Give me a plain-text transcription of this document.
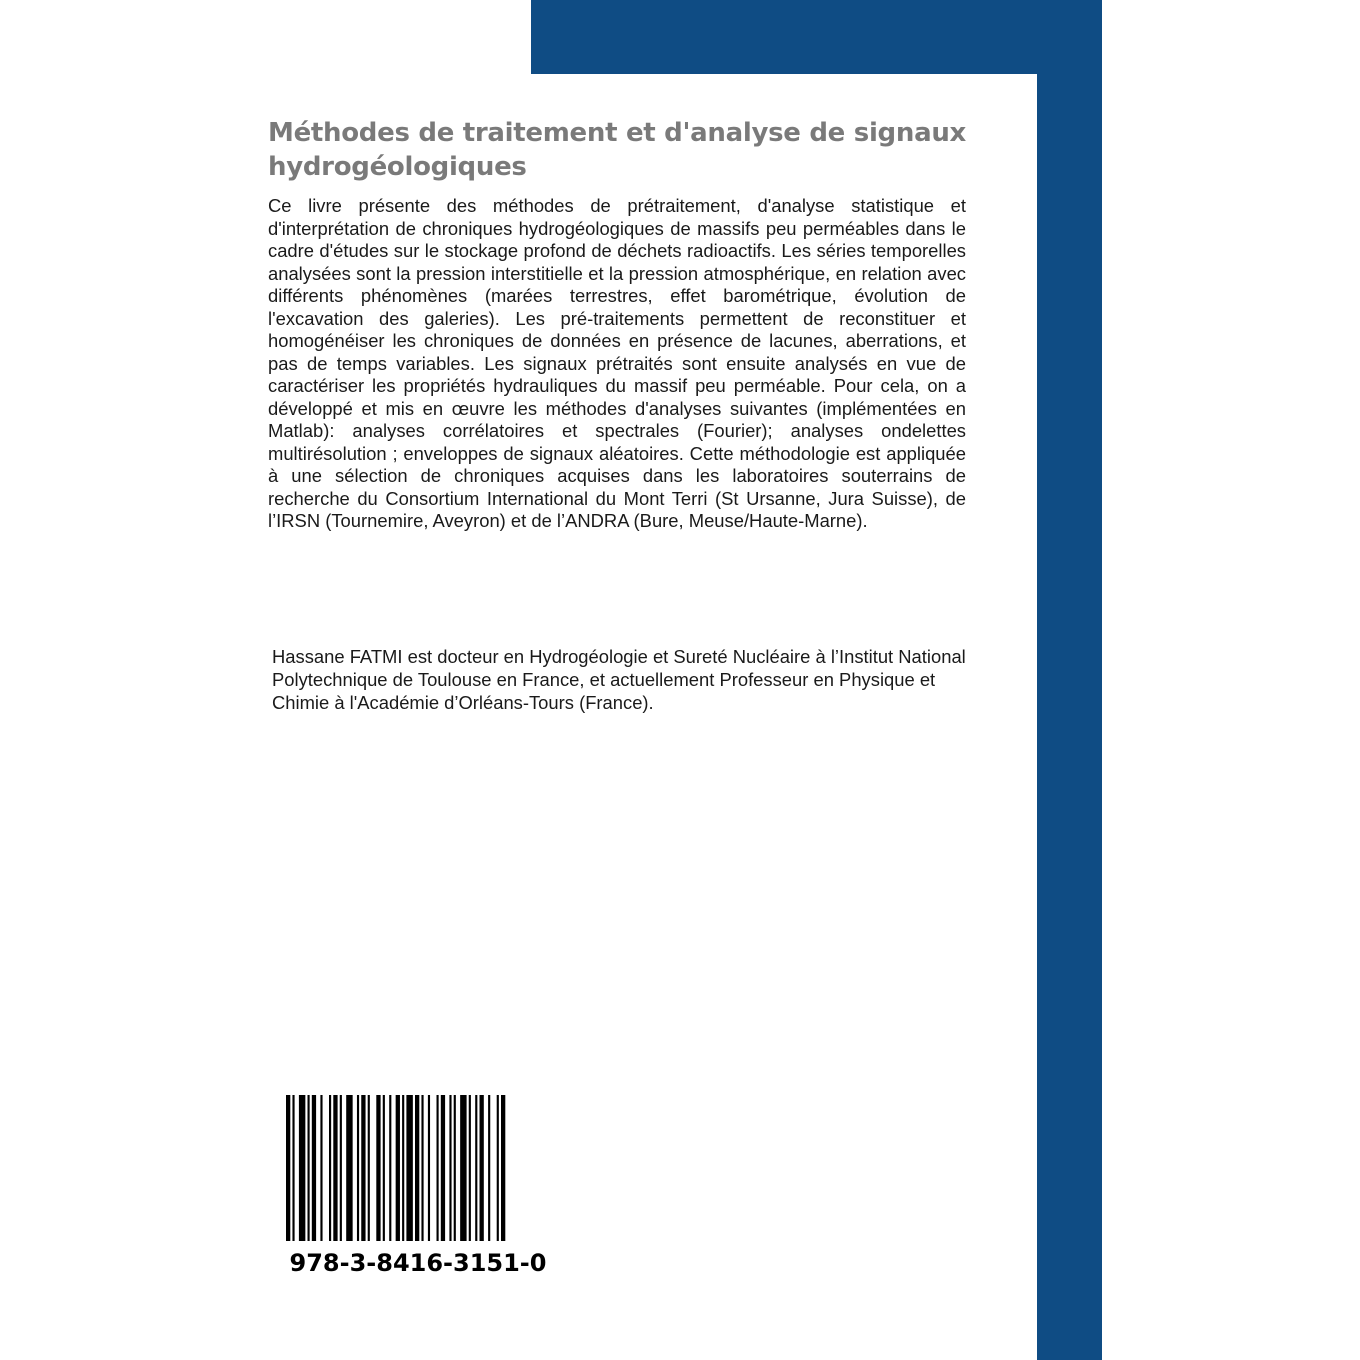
Méthodes de traitement et d'analyse de signaux hydrogéologiques

Ce livre présente des méthodes de prétraitement, d'analyse statistique et d'interprétation de chroniques hydrogéologiques de massifs peu perméables dans le cadre d'études sur le stockage profond de déchets radioactifs. Les séries temporelles analysées sont la pression interstitielle et la pression atmosphérique, en relation avec différents phénomènes (marées terrestres, effet barométrique, évolution de l'excavation des galeries). Les pré-traitements permettent de reconstituer et homogénéiser les chroniques de données en présence de lacunes, aberrations, et pas de temps variables. Les signaux prétraités sont ensuite analysés en vue de caractériser les propriétés hydrauliques du massif peu perméable. Pour cela, on a développé et mis en œuvre les méthodes d'analyses suivantes (implémentées en Matlab): analyses corrélatoires et spectrales (Fourier); analyses ondelettes multirésolution ; enveloppes de signaux aléatoires. Cette méthodologie est appliquée à une sélection de chroniques acquises dans les laboratoires souterrains de recherche du Consortium International du Mont Terri (St Ursanne, Jura Suisse), de l’IRSN (Tournemire, Aveyron) et de l’ANDRA (Bure, Meuse/Haute-Marne).

Hassane FATMI est docteur en Hydrogéologie et Sureté Nucléaire à l’Institut National Polytechnique de Toulouse en France, et actuellement Professeur en Physique et Chimie à l'Académie d’Orléans-Tours (France).

978-3-8416-3151-0
